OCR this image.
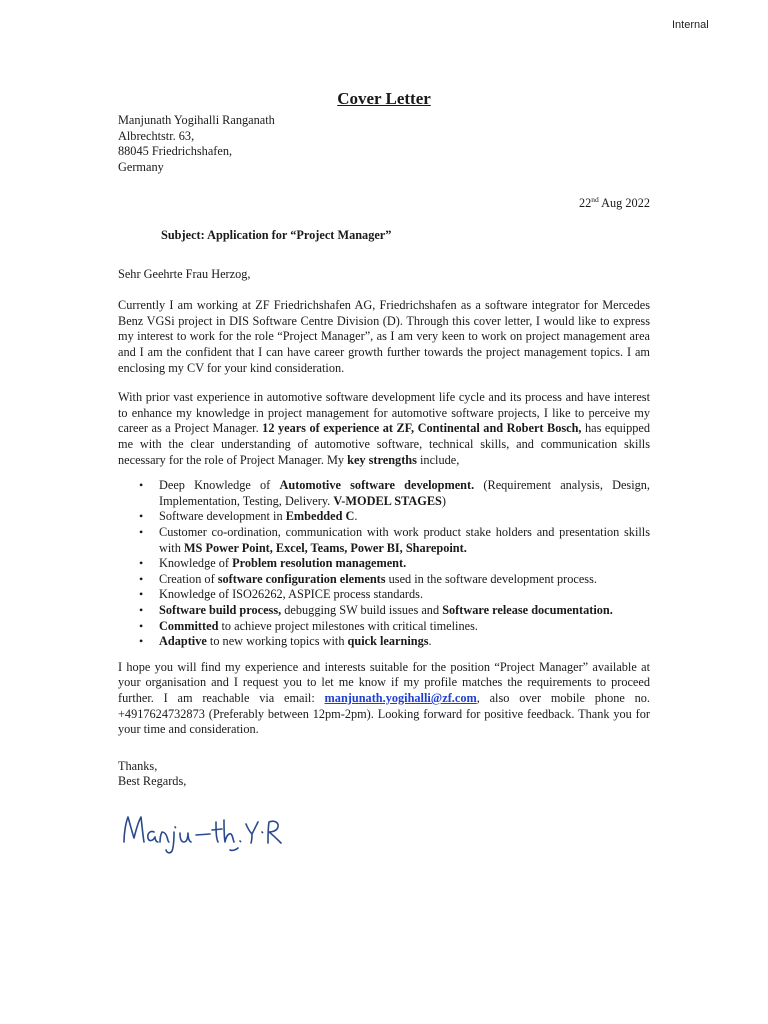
Internal
Cover Letter
Manjunath Yogihalli Ranganath
Albrechtstr. 63,
88045 Friedrichshafen,
Germany
22nd Aug 2022
Subject: Application for “Project Manager”
Sehr Geehrte Frau Herzog,

Currently I am working at ZF Friedrichshafen AG, Friedrichshafen as a software integrator for Mercedes Benz VGSi project in DIS Software Centre Division (D). Through this cover letter, I would like to express my interest to work for the role “Project Manager”, as I am very keen to work on project management area and I am the confident that I can have career growth further towards the project management topics. I am enclosing my CV for your kind consideration.

With prior vast experience in automotive software development life cycle and its process and have interest to enhance my knowledge in project management for automotive software projects, I like to perceive my career as a Project Manager. 12 years of experience at ZF, Continental and Robert Bosch, has equipped me with the clear understanding of automotive software, technical skills, and communication skills necessary for the role of Project Manager. My key strengths include,

• Deep Knowledge of Automotive software development. (Requirement analysis, Design, Implementation, Testing, Delivery. V-MODEL STAGES)
• Software development in Embedded C.
• Customer co-ordination, communication with work product stake holders and presentation skills with MS Power Point, Excel, Teams, Power BI, Sharepoint.
• Knowledge of Problem resolution management.
• Creation of software configuration elements used in the software development process.
• Knowledge of ISO26262, ASPICE process standards.
• Software build process, debugging SW build issues and Software release documentation.
• Committed to achieve project milestones with critical timelines.
• Adaptive to new working topics with quick learnings.

I hope you will find my experience and interests suitable for the position “Project Manager” available at your organisation and I request you to let me know if my profile matches the requirements to proceed further. I am reachable via email: manjunath.yogihalli@zf.com, also over mobile phone no. +4917624732873 (Preferably between 12pm-2pm). Looking forward for positive feedback. Thank you for your time and consideration.

Thanks,
Best Regards,
